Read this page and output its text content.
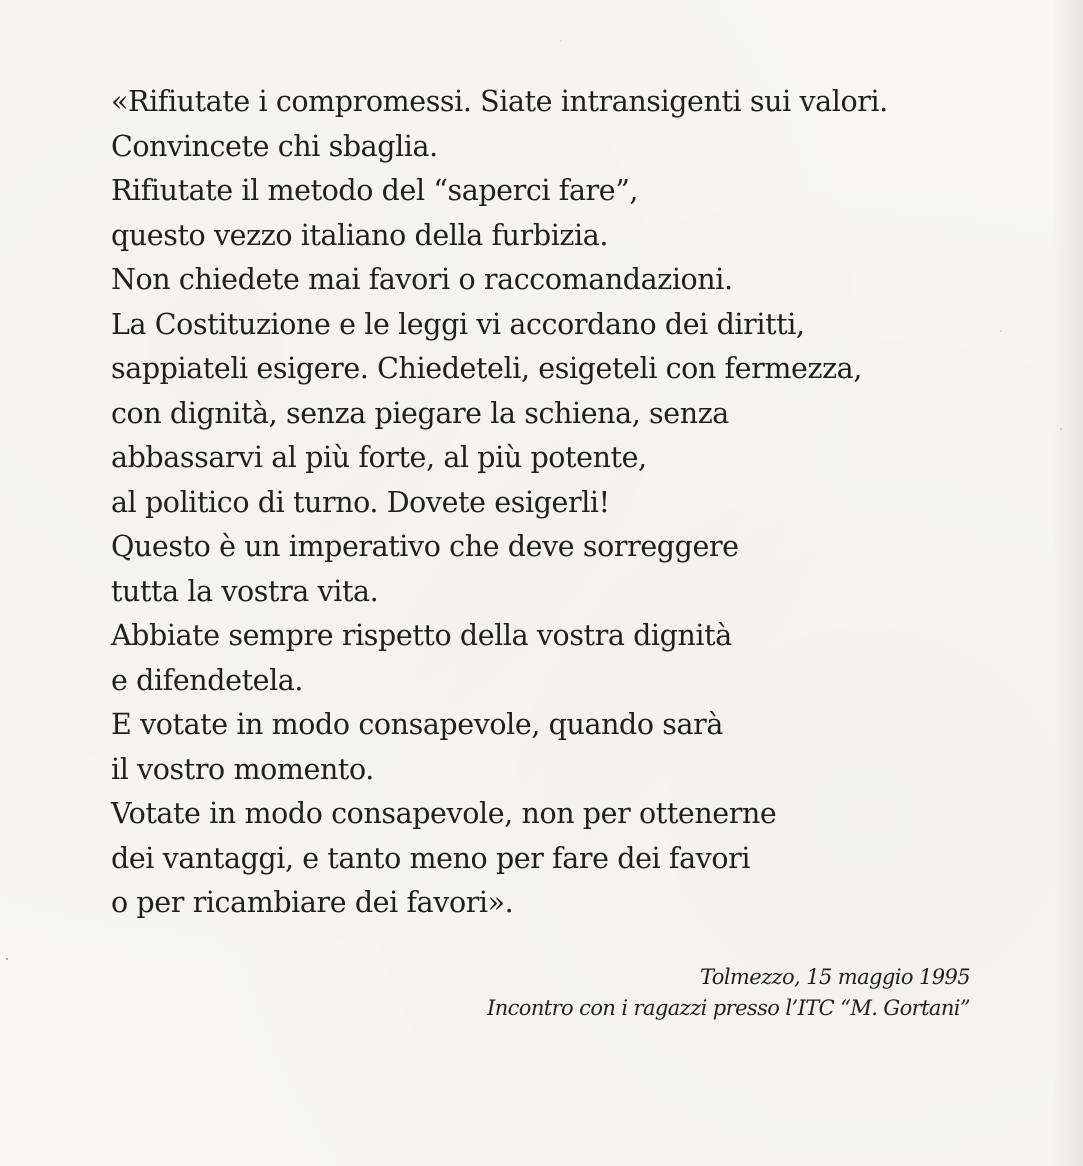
«Rifiutate i compromessi. Siate intransigenti sui valori.
Convincete chi sbaglia.
Rifiutate il metodo del “saperci fare”,
questo vezzo italiano della furbizia.
Non chiedete mai favori o raccomandazioni.
La Costituzione e le leggi vi accordano dei diritti,
sappiateli esigere. Chiedeteli, esigeteli con fermezza,
con dignità, senza piegare la schiena, senza
abbassarvi al più forte, al più potente,
al politico di turno. Dovete esigerli!
Questo è un imperativo che deve sorreggere
tutta la vostra vita.
Abbiate sempre rispetto della vostra dignità
e difendetela.
E votate in modo consapevole, quando sarà
il vostro momento.
Votate in modo consapevole, non per ottenerne
dei vantaggi, e tanto meno per fare dei favori
o per ricambiare dei favori».
Tolmezzo, 15 maggio 1995
Incontro con i ragazzi presso l’ITC “M. Gortani”
